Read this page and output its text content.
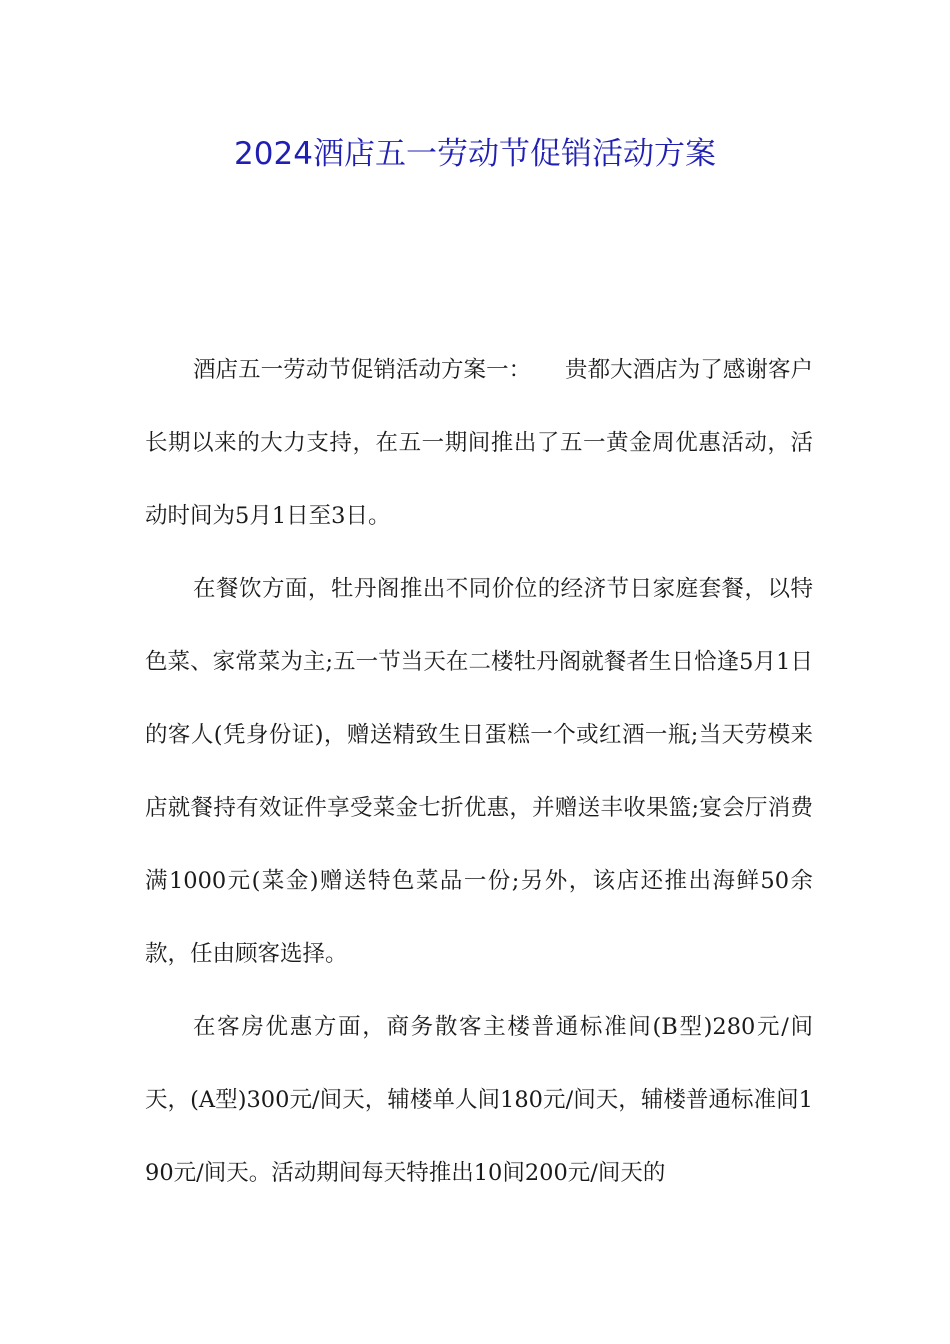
2024酒店五一劳动节促销活动方案

酒店五一劳动节促销活动方案一：　　贵都大酒店为了感谢客户长期以来的大力支持，在五一期间推出了五一黄金周优惠活动，活动时间为5月1日至3日。

在餐饮方面，牡丹阁推出不同价位的经济节日家庭套餐，以特色菜、家常菜为主;五一节当天在二楼牡丹阁就餐者生日恰逢5月1日的客人(凭身份证)，赠送精致生日蛋糕一个或红酒一瓶;当天劳模来店就餐持有效证件享受菜金七折优惠，并赠送丰收果篮;宴会厅消费满1000元(菜金)赠送特色菜品一份;另外，该店还推出海鲜50余款，任由顾客选择。

在客房优惠方面，商务散客主楼普通标准间(B型)280元/间天，(A型)300元/间天，辅楼单人间180元/间天，辅楼普通标准间190元/间天。活动期间每天特推出10间200元/间天的
